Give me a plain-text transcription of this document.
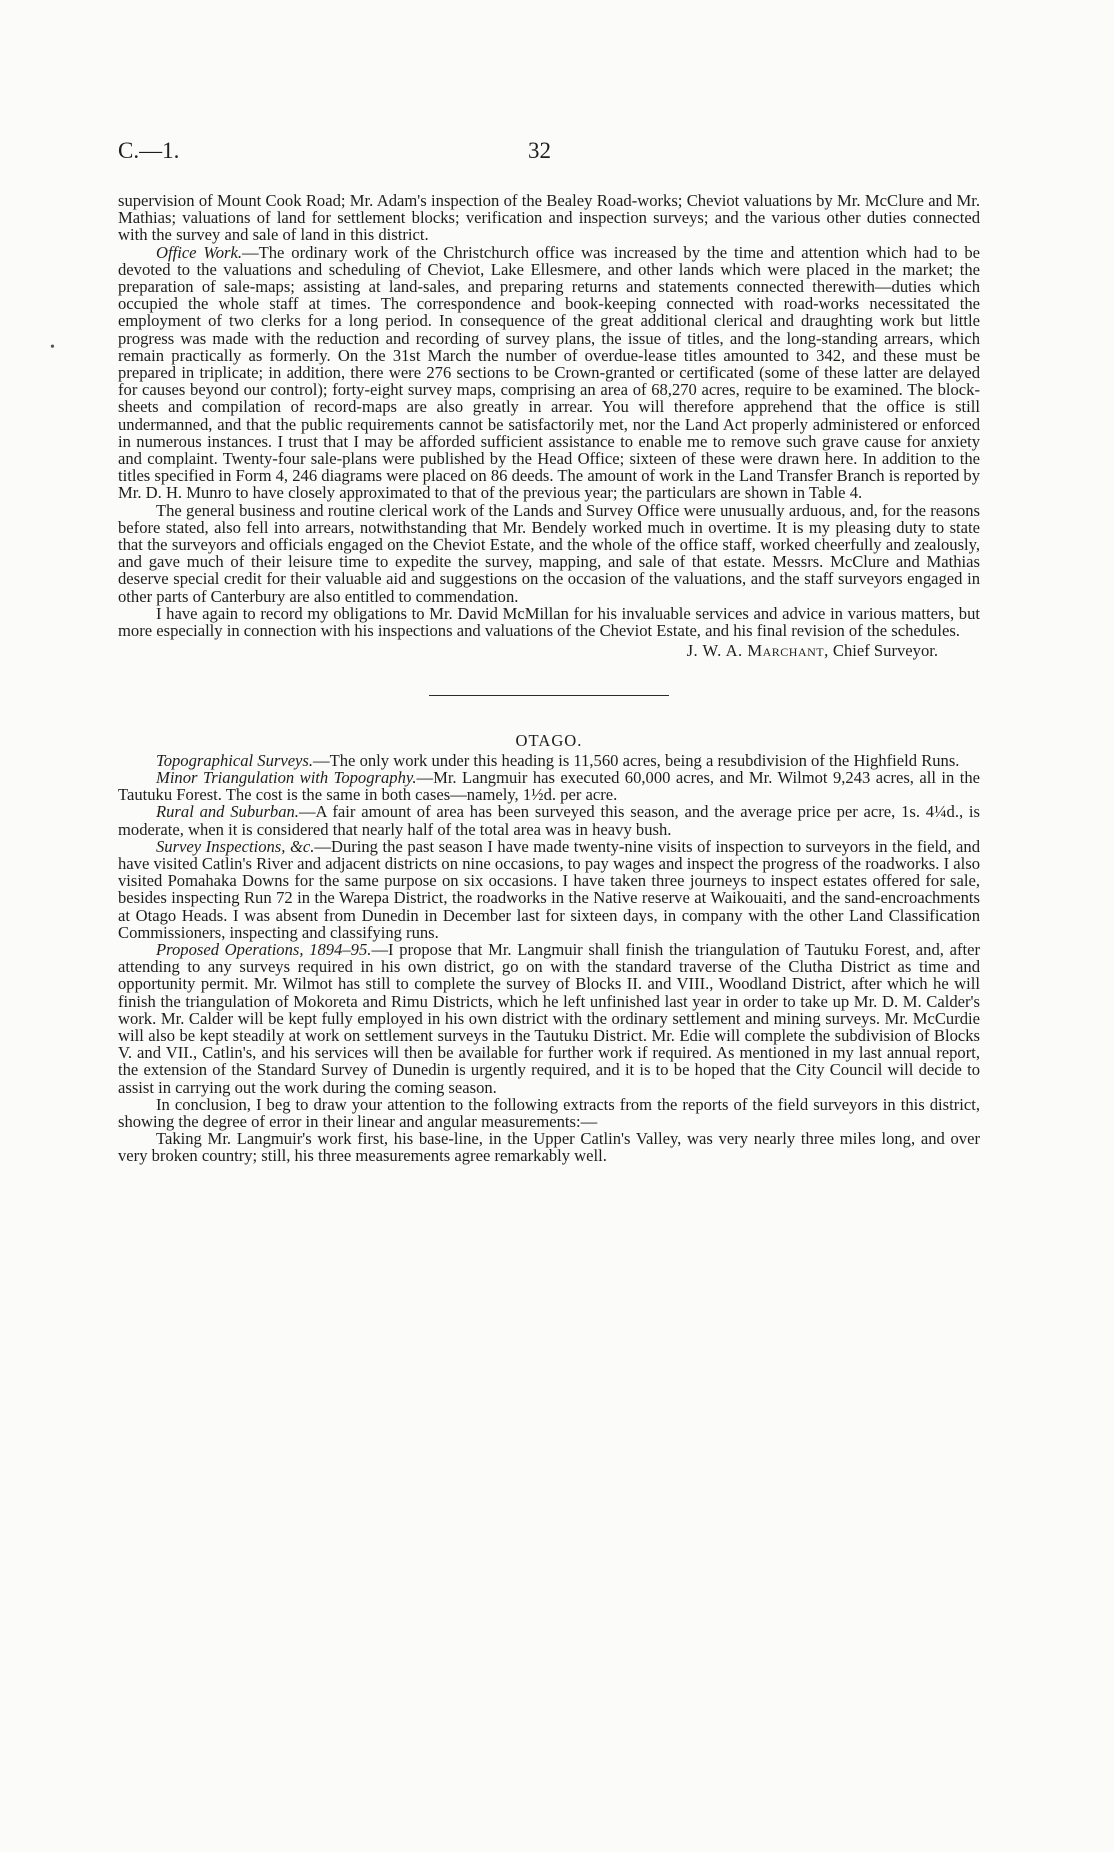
C.—1.	32
•

supervision of Mount Cook Road; Mr. Adam's inspection of the Bealey Road-works; Cheviot valuations by Mr. McClure and Mr. Mathias; valuations of land for settlement blocks; verification and inspection surveys; and the various other duties connected with the survey and sale of land in this district.

Office Work.—The ordinary work of the Christchurch office was increased by the time and attention which had to be devoted to the valuations and scheduling of Cheviot, Lake Ellesmere, and other lands which were placed in the market; the preparation of sale-maps; assisting at land-sales, and preparing returns and statements connected therewith—duties which occupied the whole staff at times. The correspondence and book-keeping connected with road-works necessitated the employment of two clerks for a long period. In consequence of the great additional clerical and draughting work but little progress was made with the reduction and recording of survey plans, the issue of titles, and the long-standing arrears, which remain practically as formerly. On the 31st March the number of overdue-lease titles amounted to 342, and these must be prepared in triplicate; in addition, there were 276 sections to be Crown-granted or certificated (some of these latter are delayed for causes beyond our control); forty-eight survey maps, comprising an area of 68,270 acres, require to be examined. The block-sheets and compilation of record-maps are also greatly in arrear. You will therefore apprehend that the office is still undermanned, and that the public requirements cannot be satisfactorily met, nor the Land Act properly administered or enforced in numerous instances. I trust that I may be afforded sufficient assistance to enable me to remove such grave cause for anxiety and complaint. Twenty-four sale-plans were published by the Head Office; sixteen of these were drawn here. In addition to the titles specified in Form 4, 246 diagrams were placed on 86 deeds. The amount of work in the Land Transfer Branch is reported by Mr. D. H. Munro to have closely approximated to that of the previous year; the particulars are shown in Table 4.

The general business and routine clerical work of the Lands and Survey Office were unusually arduous, and, for the reasons before stated, also fell into arrears, notwithstanding that Mr. Bendely worked much in overtime. It is my pleasing duty to state that the surveyors and officials engaged on the Cheviot Estate, and the whole of the office staff, worked cheerfully and zealously, and gave much of their leisure time to expedite the survey, mapping, and sale of that estate. Messrs. McClure and Mathias deserve special credit for their valuable aid and suggestions on the occasion of the valuations, and the staff surveyors engaged in other parts of Canterbury are also entitled to commendation.

I have again to record my obligations to Mr. David McMillan for his invaluable services and advice in various matters, but more especially in connection with his inspections and valuations of the Cheviot Estate, and his final revision of the schedules.

J. W. A. Marchant, Chief Surveyor.

OTAGO.

Topographical Surveys.—The only work under this heading is 11,560 acres, being a resubdivision of the Highfield Runs.

Minor Triangulation with Topography.—Mr. Langmuir has executed 60,000 acres, and Mr. Wilmot 9,243 acres, all in the Tautuku Forest. The cost is the same in both cases—namely, 1½d. per acre.

Rural and Suburban.—A fair amount of area has been surveyed this season, and the average price per acre, 1s. 4¼d., is moderate, when it is considered that nearly half of the total area was in heavy bush.

Survey Inspections, &c.—During the past season I have made twenty-nine visits of inspection to surveyors in the field, and have visited Catlin's River and adjacent districts on nine occasions, to pay wages and inspect the progress of the roadworks. I also visited Pomahaka Downs for the same purpose on six occasions. I have taken three journeys to inspect estates offered for sale, besides inspecting Run 72 in the Warepa District, the roadworks in the Native reserve at Waikouaiti, and the sand-encroachments at Otago Heads. I was absent from Dunedin in December last for sixteen days, in company with the other Land Classification Commissioners, inspecting and classifying runs.

Proposed Operations, 1894–95.—I propose that Mr. Langmuir shall finish the triangulation of Tautuku Forest, and, after attending to any surveys required in his own district, go on with the standard traverse of the Clutha District as time and opportunity permit. Mr. Wilmot has still to complete the survey of Blocks II. and VIII., Woodland District, after which he will finish the triangulation of Mokoreta and Rimu Districts, which he left unfinished last year in order to take up Mr. D. M. Calder's work. Mr. Calder will be kept fully employed in his own district with the ordinary settlement and mining surveys. Mr. McCurdie will also be kept steadily at work on settlement surveys in the Tautuku District. Mr. Edie will complete the subdivision of Blocks V. and VII., Catlin's, and his services will then be available for further work if required. As mentioned in my last annual report, the extension of the Standard Survey of Dunedin is urgently required, and it is to be hoped that the City Council will decide to assist in carrying out the work during the coming season.

In conclusion, I beg to draw your attention to the following extracts from the reports of the field surveyors in this district, showing the degree of error in their linear and angular measurements:—

Taking Mr. Langmuir's work first, his base-line, in the Upper Catlin's Valley, was very nearly three miles long, and over very broken country; still, his three measurements agree remarkably well.
